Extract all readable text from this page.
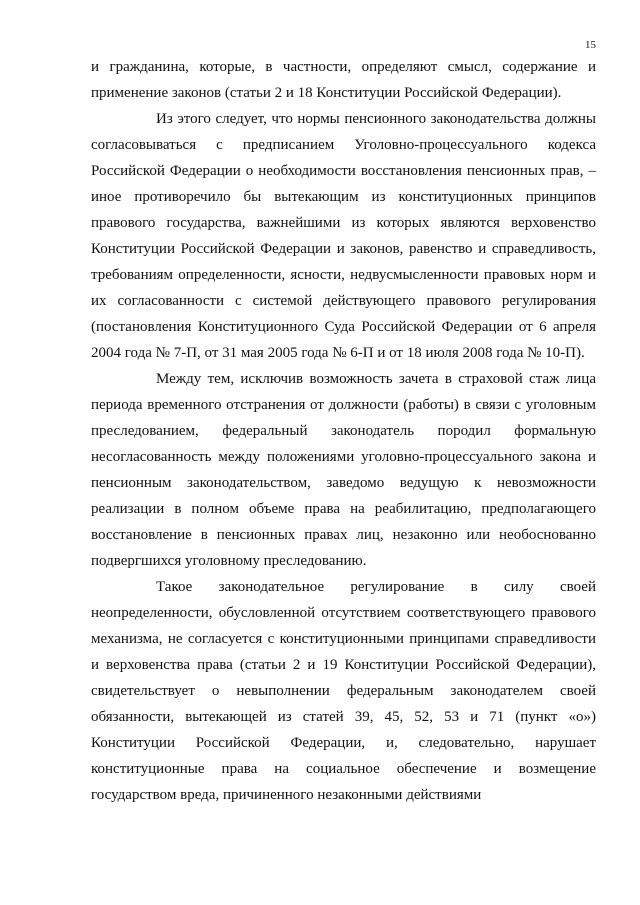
15

и гражданина, которые, в частности, определяют смысл, содержание и применение законов (статьи 2 и 18 Конституции Российской Федерации).

Из этого следует, что нормы пенсионного законодательства должны согласовываться с предписанием Уголовно-процессуального кодекса Российской Федерации о необходимости восстановления пенсионных прав, – иное противоречило бы вытекающим из конституционных принципов правового государства, важнейшими из которых являются верховенство Конституции Российской Федерации и законов, равенство и справедливость, требованиям определенности, ясности, недвусмысленности правовых норм и их согласованности с системой действующего правового регулирования (постановления Конституционного Суда Российской Федерации от 6 апреля 2004 года № 7-П, от 31 мая 2005 года № 6-П и от 18 июля 2008 года № 10-П).

Между тем, исключив возможность зачета в страховой стаж лица периода временного отстранения от должности (работы) в связи с уголовным преследованием, федеральный законодатель породил формальную несогласованность между положениями уголовно-процессуального закона и пенсионным законодательством, заведомо ведущую к невозможности реализации в полном объеме права на реабилитацию, предполагающего восстановление в пенсионных правах лиц, незаконно или необоснованно подвергшихся уголовному преследованию.

Такое законодательное регулирование в силу своей неопределенности, обусловленной отсутствием соответствующего правового механизма, не согласуется с конституционными принципами справедливости и верховенства права (статьи 2 и 19 Конституции Российской Федерации), свидетельствует о невыполнении федеральным законодателем своей обязанности, вытекающей из статей 39, 45, 52, 53 и 71 (пункт «о») Конституции Российской Федерации, и, следовательно, нарушает конституционные права на социальное обеспечение и возмещение государством вреда, причиненного незаконными действиями
